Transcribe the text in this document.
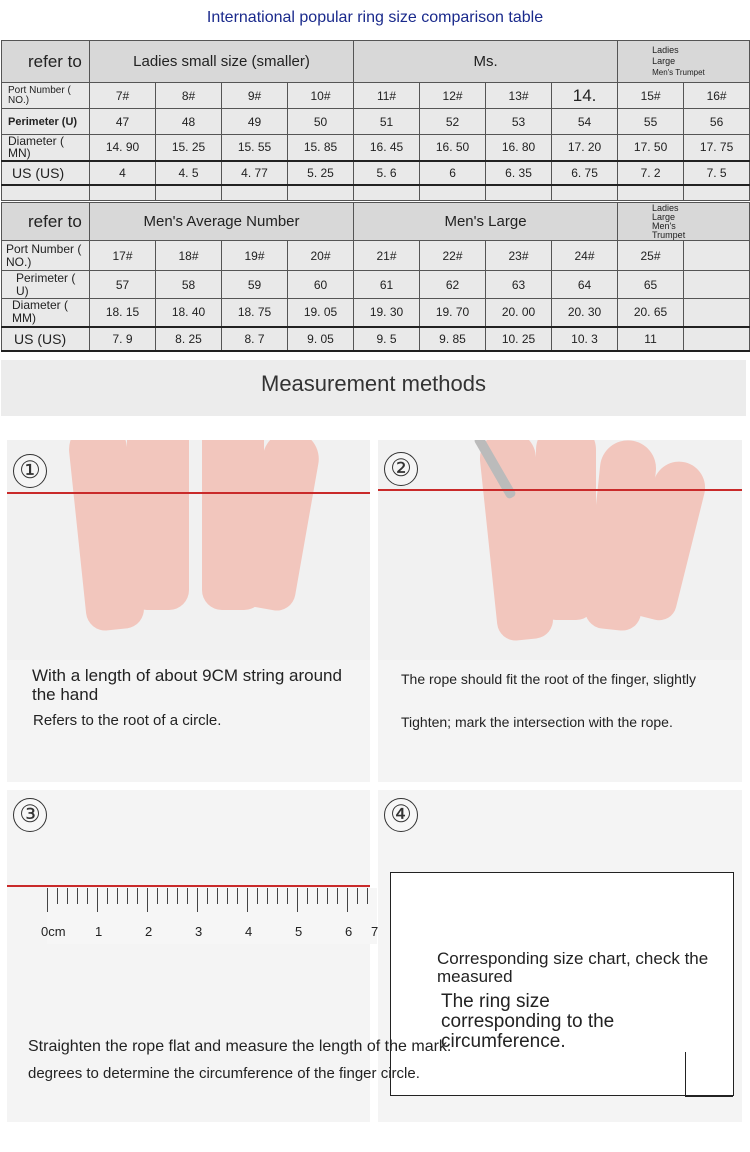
International popular ring size comparison table
refer to	Ladies small size (smaller)				Ms.				Ladies
Large
Men's Trumpet	

Port Number ( NO.)	7#	8#	9#	10#	11#	12#	13#	14.	15#	16#
Perimeter (U)	47	48	49	50	51	52	53	54	55	56
Diameter ( MN)	14. 90	15. 25	15. 55	15. 85	16. 45	16. 50	16. 80	17. 20	17. 50	17. 75
US (US)	4	4. 5	4. 77	5. 25	5. 6	6	6. 35	6. 75	7. 2	7. 5

refer to	Men's Average Number				Men's Large				Ladies
Large
Men's
Trumpet	

Port Number ( NO.)	17#	18#	19#	20#	21#	22#	23#	24#	25#	
Perimeter ( U)	57	58	59	60	61	62	63	64	65	
Diameter ( MM)	18. 15	18. 40	18. 75	19. 05	19. 30	19. 70	20. 00	20. 30	20. 65	
US (US)	7. 9	8. 25	8. 7	9. 05	9. 5	9. 85	10. 25	10. 3	11	
Measurement methods
①
With a length of about 9CM string around the hand
Refers to the root of a circle.
②
The rope should fit the root of the finger, slightly
Tighten; mark the intersection with the rope.
0cm 1	2	3	4	5	6 7
③	④
Corresponding size chart, check the measured
The ring size corresponding to the circumference.
Straighten the rope flat and measure the length of the mark.
degrees to determine the circumference of the finger circle.
